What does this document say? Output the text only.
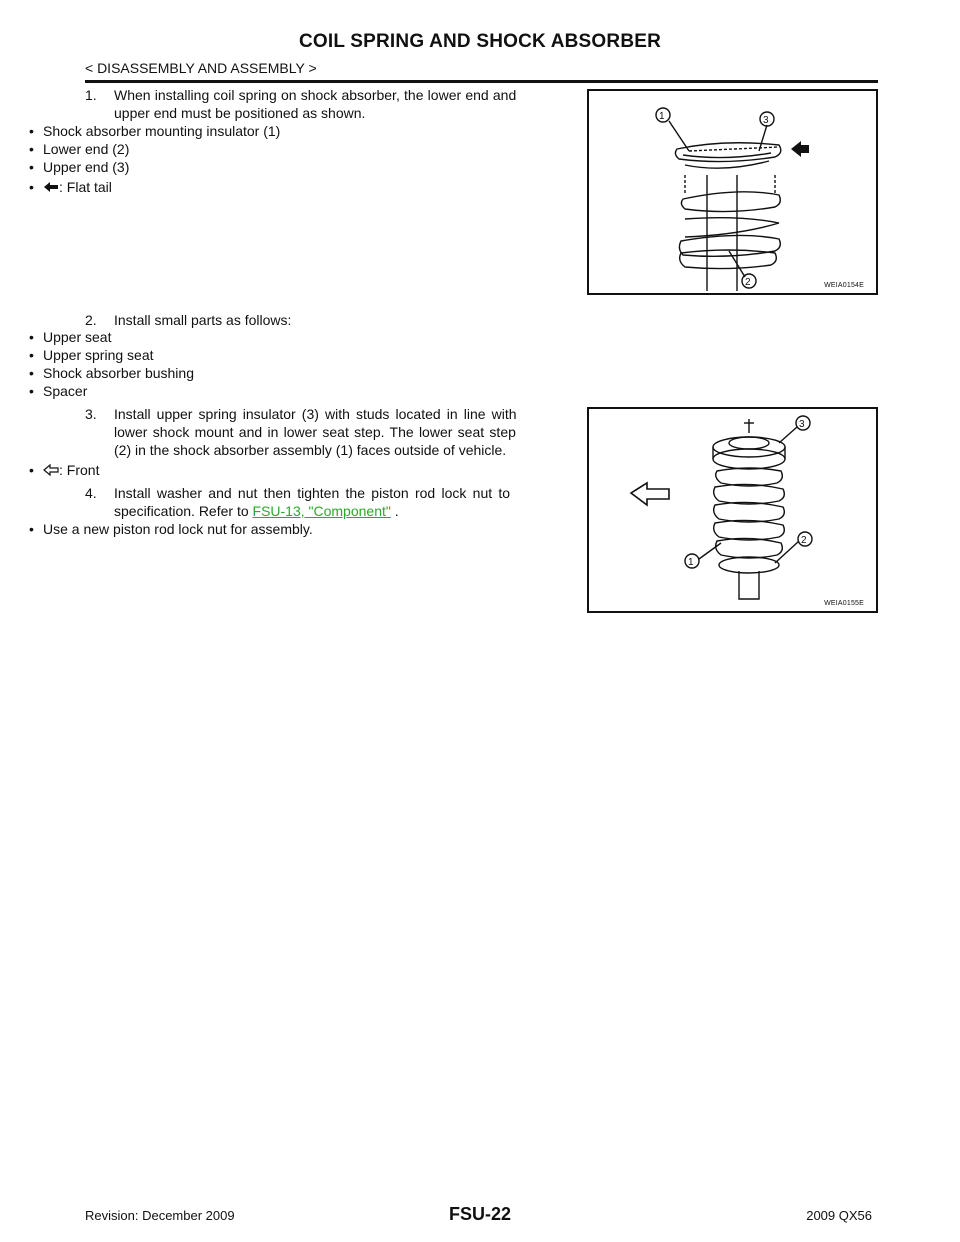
COIL SPRING AND SHOCK ABSORBER
< DISASSEMBLY AND ASSEMBLY >
1. When installing coil spring on shock absorber, the lower end and
upper end must be positioned as shown.
• Shock absorber mounting insulator (1)
• Lower end (2)
• Upper end (3)
• : Flat tail
1	3
2	WEIA0154E
2. Install small parts as follows:
• Upper seat
• Upper spring seat
• Shock absorber bushing
• Spacer
3. Install upper spring insulator (3) with studs located in line with
lower shock mount and in lower seat step. The lower seat step
(2) in the shock absorber assembly (1) faces outside of vehicle.
• : Front
4. Install washer and nut then tighten the piston rod lock nut to
specification. Refer to FSU-13, "Component" .
• Use a new piston rod lock nut for assembly.
3
1
2
WEIA0155E
Revision: December 2009	FSU-22	2009 QX56
